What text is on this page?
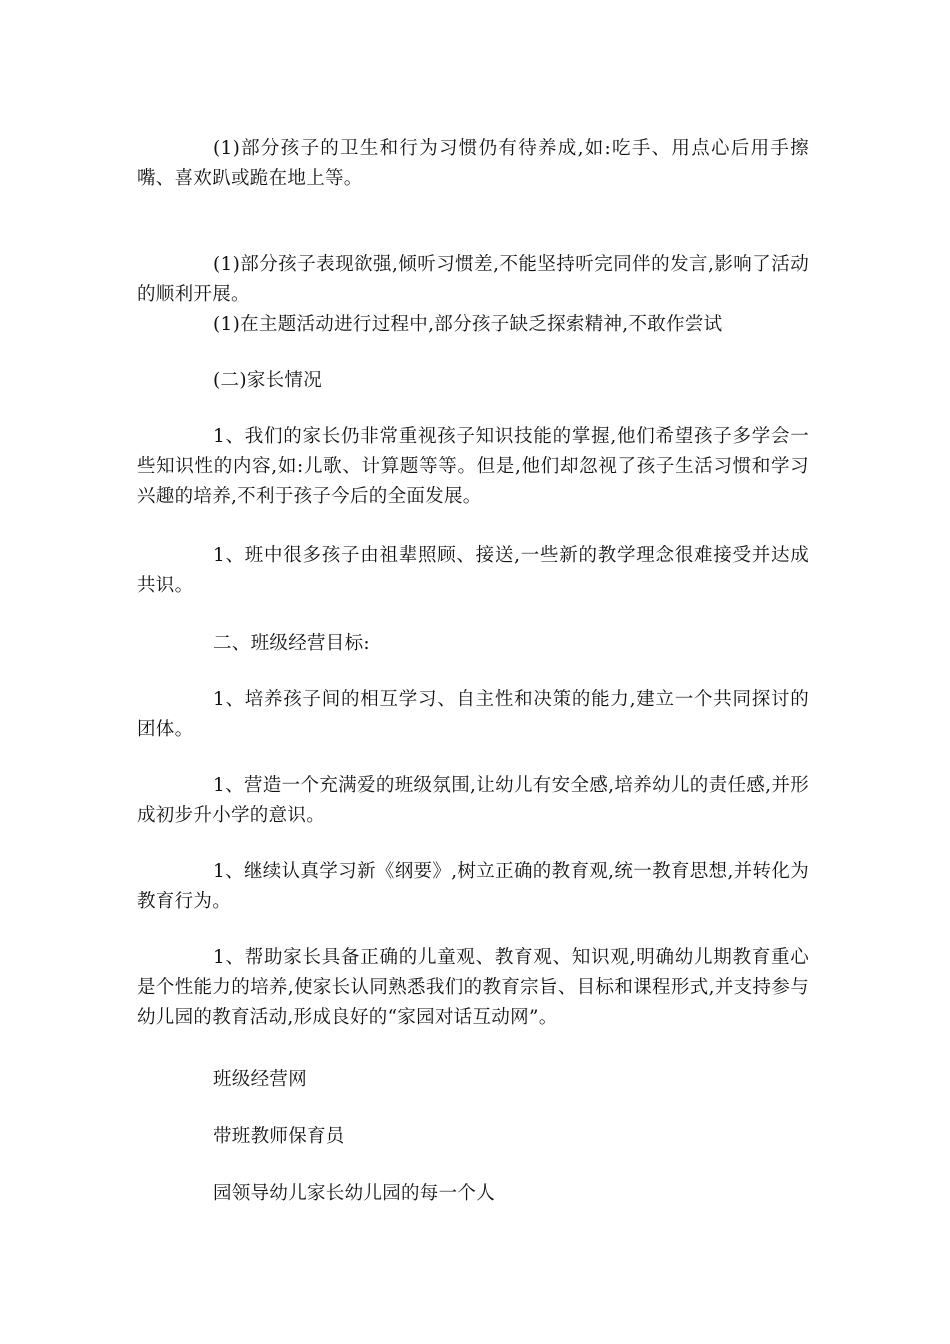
(1)部分孩子的卫生和行为习惯仍有待养成,如:吃手、用点心后用手擦嘴、喜欢趴或跪在地上等。

(1)部分孩子表现欲强,倾听习惯差,不能坚持听完同伴的发言,影响了活动的顺利开展。

(1)在主题活动进行过程中,部分孩子缺乏探索精神,不敢作尝试

(二)家长情况

1、我们的家长仍非常重视孩子知识技能的掌握,他们希望孩子多学会一些知识性的内容,如:儿歌、计算题等等。但是,他们却忽视了孩子生活习惯和学习兴趣的培养,不利于孩子今后的全面发展。

1、班中很多孩子由祖辈照顾、接送,一些新的教学理念很难接受并达成共识。

二、班级经营目标:

1、培养孩子间的相互学习、自主性和决策的能力,建立一个共同探讨的团体。

1、营造一个充满爱的班级氛围,让幼儿有安全感,培养幼儿的责任感,并形成初步升小学的意识。

1、继续认真学习新《纲要》,树立正确的教育观,统一教育思想,并转化为教育行为。

1、帮助家长具备正确的儿童观、教育观、知识观,明确幼儿期教育重心是个性能力的培养,使家长认同熟悉我们的教育宗旨、目标和课程形式,并支持参与幼儿园的教育活动,形成良好的“家园对话互动网”。

班级经营网

带班教师保育员

园领导幼儿家长幼儿园的每一个人
